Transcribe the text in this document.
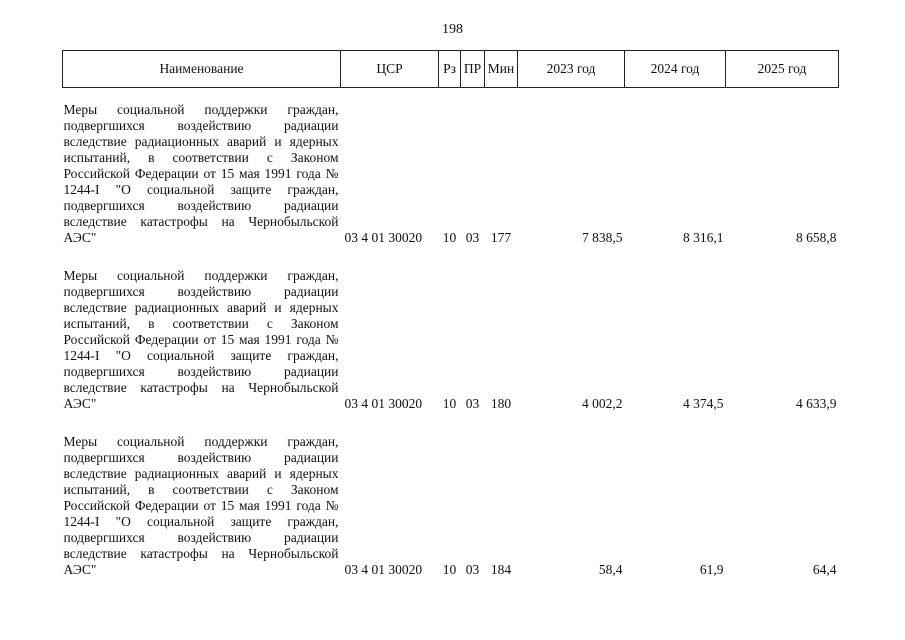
198
Наименование	ЦСР	Рз	ПР	Мин	2023 год	2024 год	2025 год
Меры социальной поддержки граждан, подвергшихся воздействию радиации вследствие радиационных аварий и ядерных испытаний, в соответствии с Законом Российской Федерации от 15 мая 1991 года № 1244-I "О социальной защите граждан, подвергшихся воздействию радиации вследствие катастрофы на Чернобыльской АЭС"	03 4 01 30020	10	03	177	7 838,5	8 316,1	8 658,8
Меры социальной поддержки граждан, подвергшихся воздействию радиации вследствие радиационных аварий и ядерных испытаний, в соответствии с Законом Российской Федерации от 15 мая 1991 года № 1244-I "О социальной защите граждан, подвергшихся воздействию радиации вследствие катастрофы на Чернобыльской АЭС"	03 4 01 30020	10	03	180	4 002,2	4 374,5	4 633,9
Меры социальной поддержки граждан, подвергшихся воздействию радиации вследствие радиационных аварий и ядерных испытаний, в соответствии с Законом Российской Федерации от 15 мая 1991 года № 1244-I "О социальной защите граждан, подвергшихся воздействию радиации вследствие катастрофы на Чернобыльской АЭС"	03 4 01 30020	10	03	184	58,4	61,9	64,4
